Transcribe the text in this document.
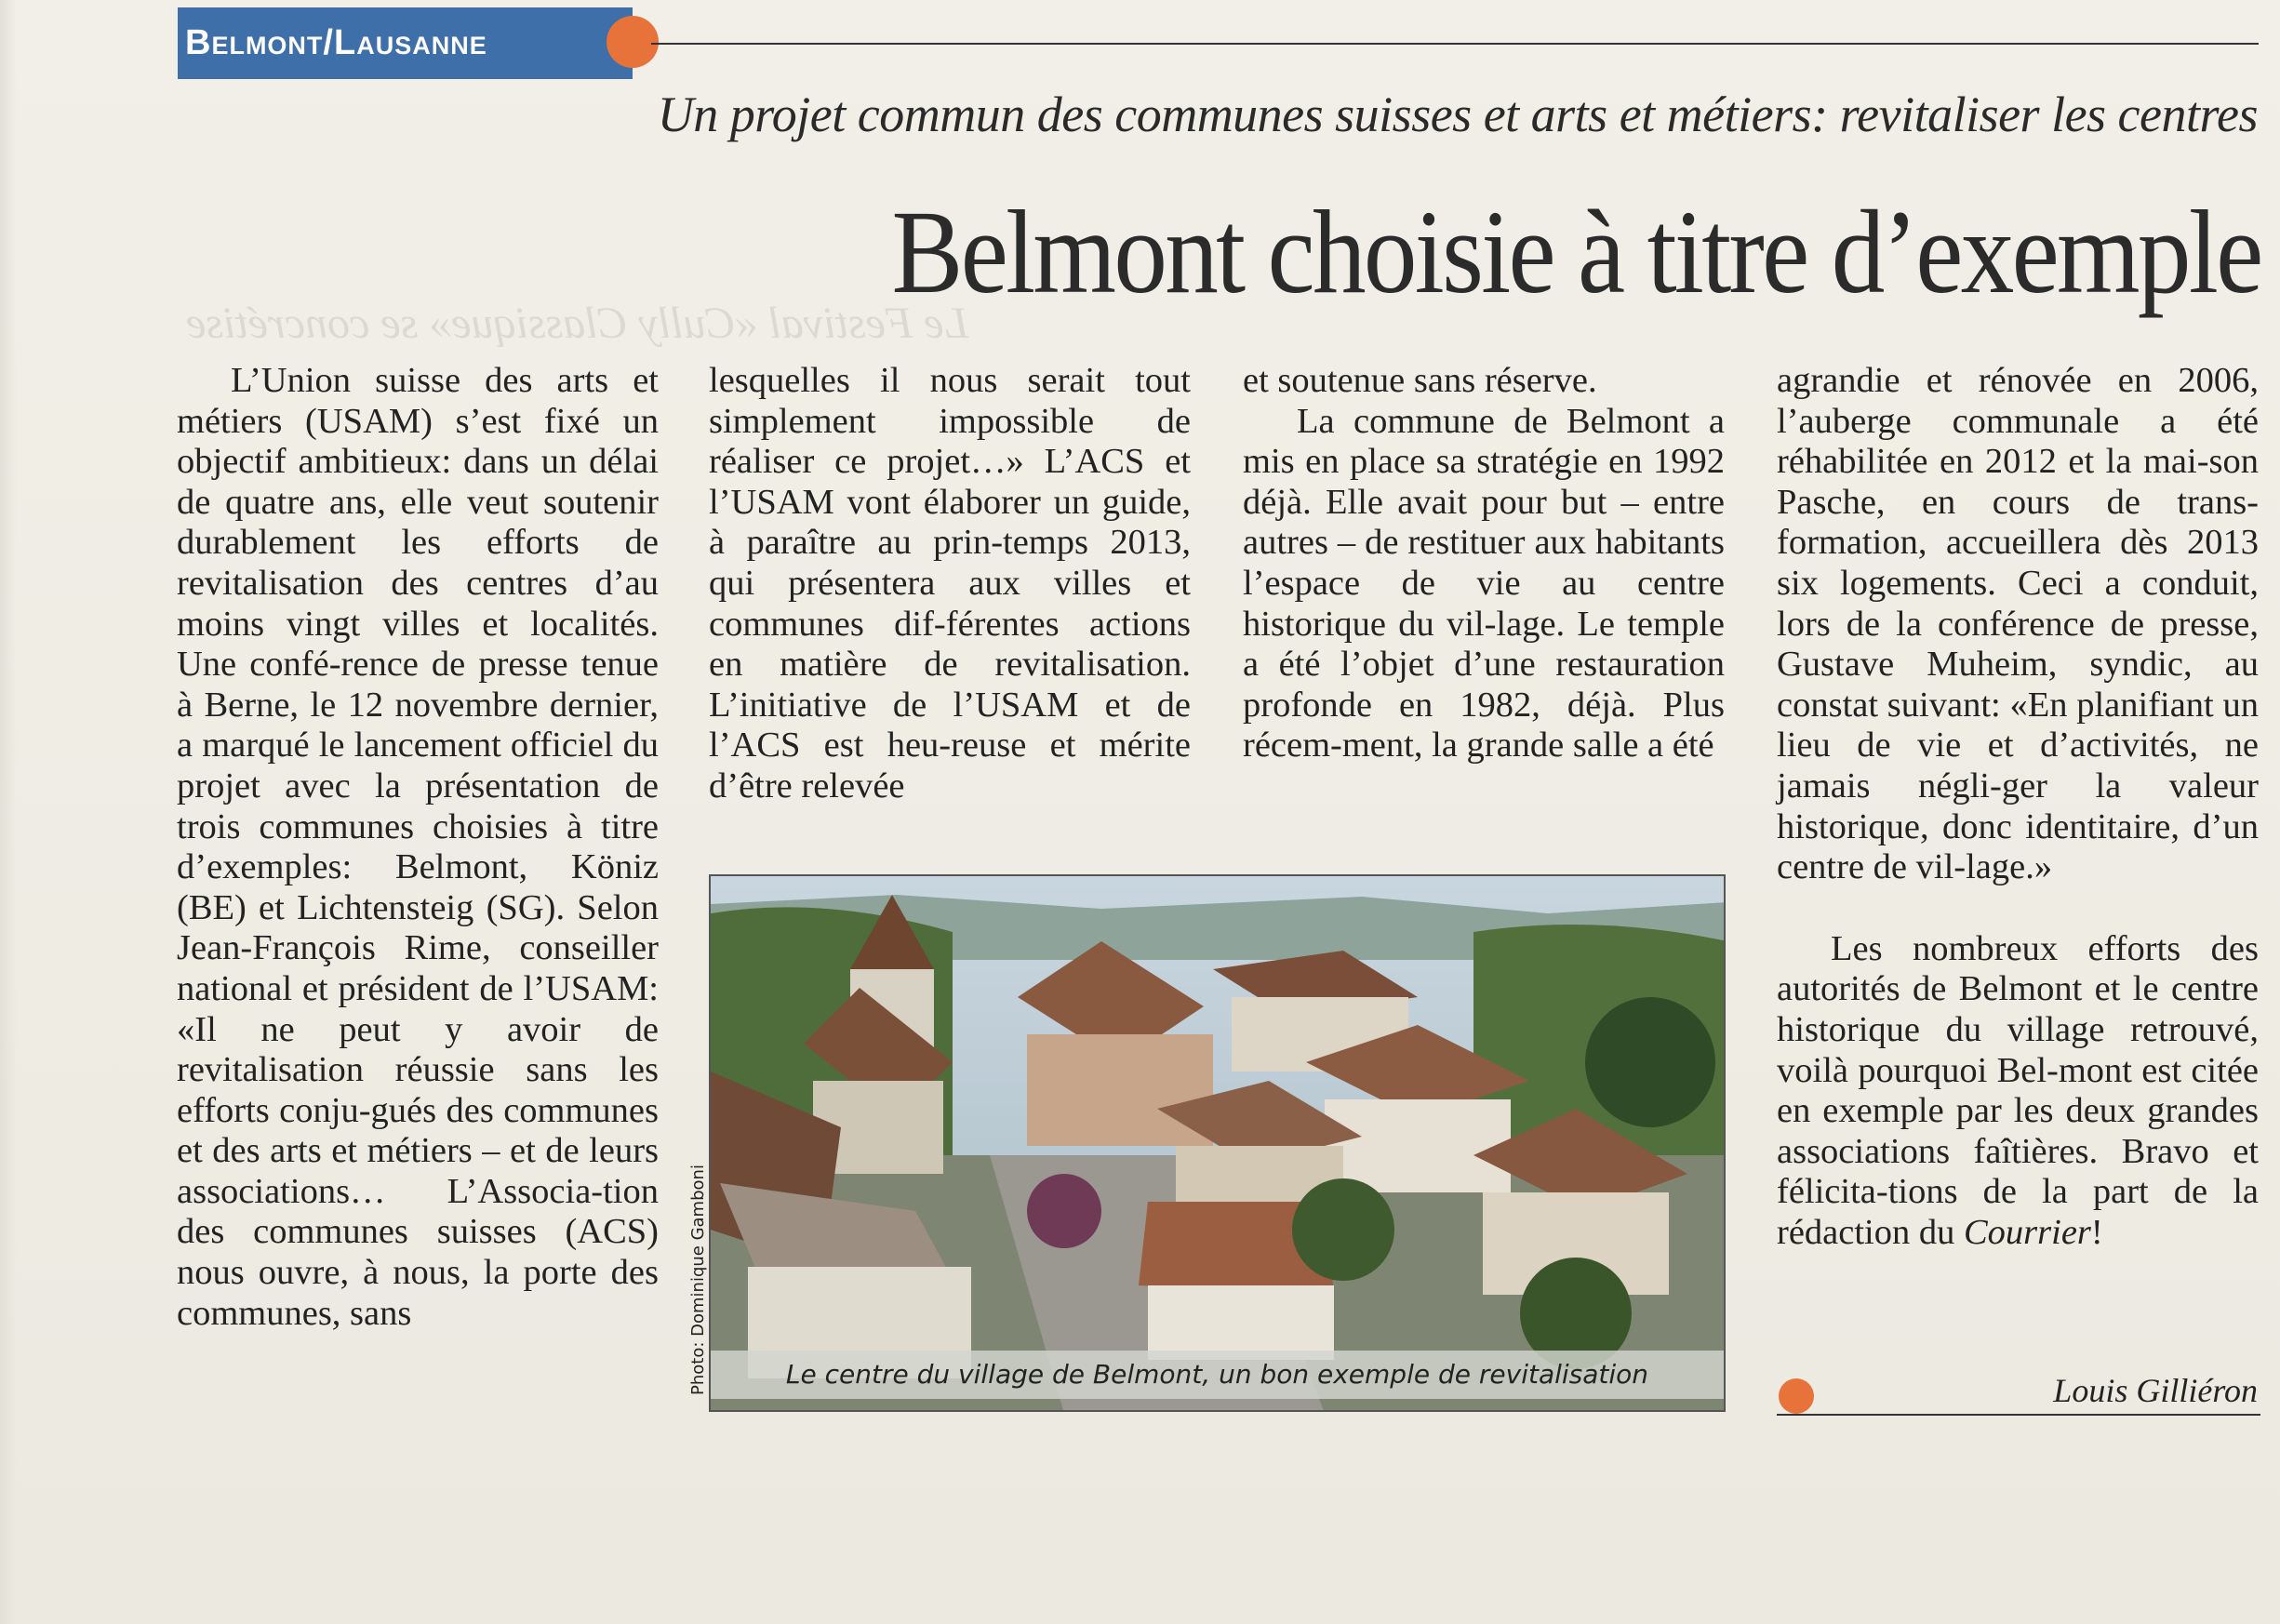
Le Festival «Cully Classique» se concrétise
Belmont/Lausanne
Un projet commun des communes suisses et arts et métiers: revitaliser les centres
Belmont choisie à titre d’exemple

L’Union suisse des arts et métiers (USAM) s’est fixé un objectif ambitieux: dans un délai de quatre ans, elle veut soutenir durablement les efforts de revitalisation des centres d’au moins vingt villes et localités. Une confé-rence de presse tenue à Berne, le 12 novembre dernier, a marqué le lancement officiel du projet avec la présentation de trois communes choisies à titre d’exemples: Belmont, Köniz (BE) et Lichtensteig (SG). Selon Jean-François Rime, conseiller national et président de l’USAM: «Il ne peut y avoir de revitalisation réussie sans les efforts conju-gués des communes et des arts et métiers – et de leurs associations… L’Associa-tion des communes suisses (ACS) nous ouvre, à nous, la porte des communes, sans

lesquelles il nous serait tout simplement impossible de réaliser ce projet…» L’ACS et l’USAM vont élaborer un guide, à paraître au prin-temps 2013, qui présentera aux villes et communes dif-férentes actions en matière de revitalisation. L’initiative de l’USAM et de l’ACS est heu-reuse et mérite d’être relevée

et soutenue sans réserve.

La commune de Belmont a mis en place sa stratégie en 1992 déjà. Elle avait pour but – entre autres – de restituer aux habitants l’espace de vie au centre historique du vil-lage. Le temple a été l’objet d’une restauration profonde en 1982, déjà. Plus récem-ment, la grande salle a été

agrandie et rénovée en 2006, l’auberge communale a été réhabilitée en 2012 et la mai-son Pasche, en cours de trans-formation, accueillera dès 2013 six logements. Ceci a conduit, lors de la conférence de presse, Gustave Muheim, syndic, au constat suivant: «En planifiant un lieu de vie et d’activités, ne jamais négli-ger la valeur historique, donc identitaire, d’un centre de vil-lage.»

Les nombreux efforts des autorités de Belmont et le centre historique du village retrouvé, voilà pourquoi Bel-mont est citée en exemple par les deux grandes associations faîtières. Bravo et félicita-tions de la part de la rédaction du Courrier!

Le centre du village de Belmont, un bon exemple de revitalisation
Photo: Dominique Gamboni	Louis Gilliéron
